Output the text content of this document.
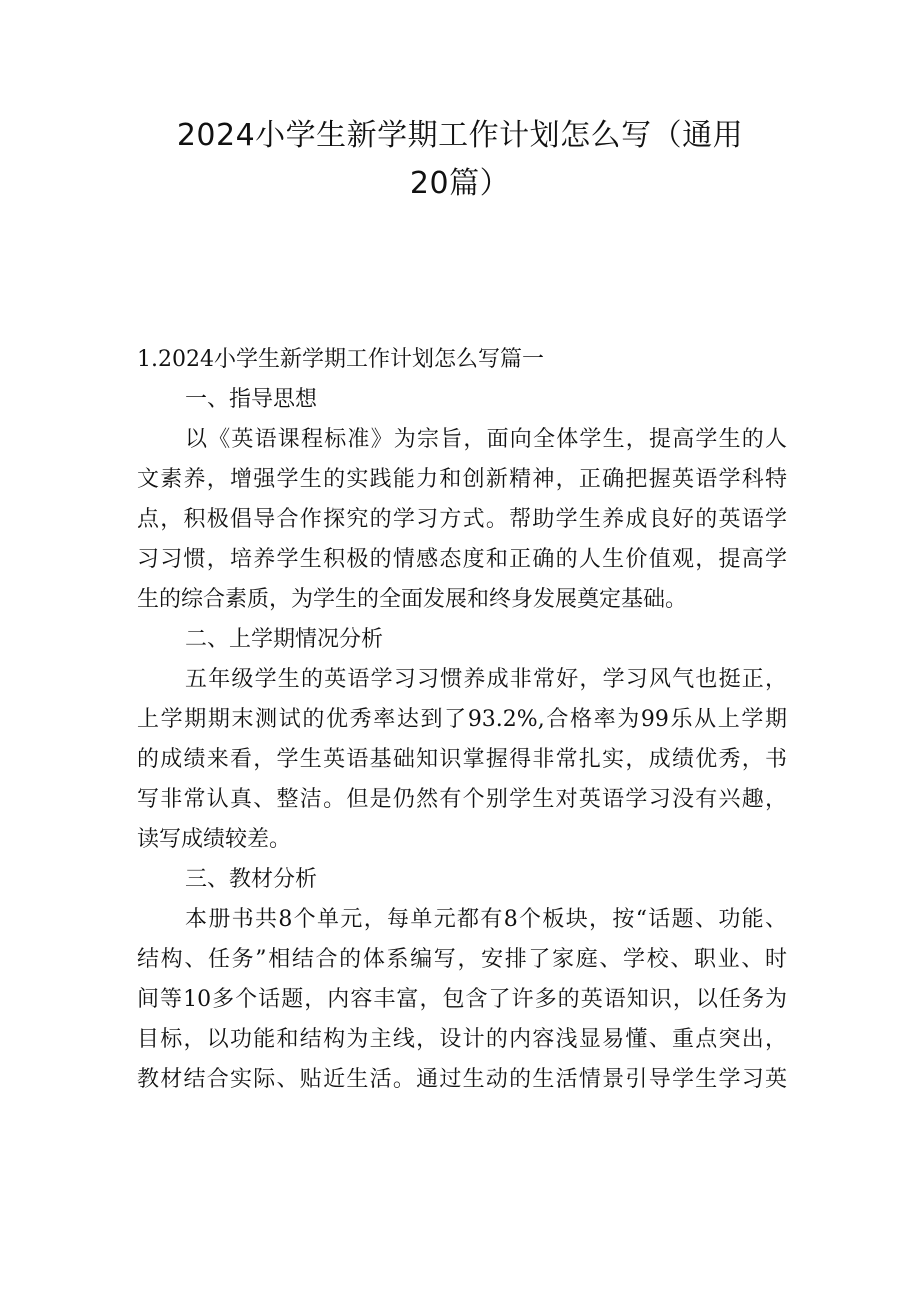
2024小学生新学期工作计划怎么写（通用
20篇）
1.2024小学生新学期工作计划怎么写篇一
一、指导思想
以《英语课程标准》为宗旨，面向全体学生，提高学生的人
文素养，增强学生的实践能力和创新精神，正确把握英语学科特
点，积极倡导合作探究的学习方式。帮助学生养成良好的英语学
习习惯，培养学生积极的情感态度和正确的人生价值观，提高学
生的综合素质，为学生的全面发展和终身发展奠定基础。
二、上学期情况分析
五年级学生的英语学习习惯养成非常好，学习风气也挺正，
上学期期末测试的优秀率达到了93.2%,合格率为99乐从上学期
的成绩来看，学生英语基础知识掌握得非常扎实，成绩优秀，书
写非常认真、整洁。但是仍然有个别学生对英语学习没有兴趣，
读写成绩较差。
三、教材分析
本册书共8个单元，每单元都有8个板块，按“话题、功能、
结构、任务”相结合的体系编写，安排了家庭、学校、职业、时
间等10多个话题，内容丰富，包含了许多的英语知识，以任务为
目标，以功能和结构为主线，设计的内容浅显易懂、重点突出，
教材结合实际、贴近生活。通过生动的生活情景引导学生学习英
